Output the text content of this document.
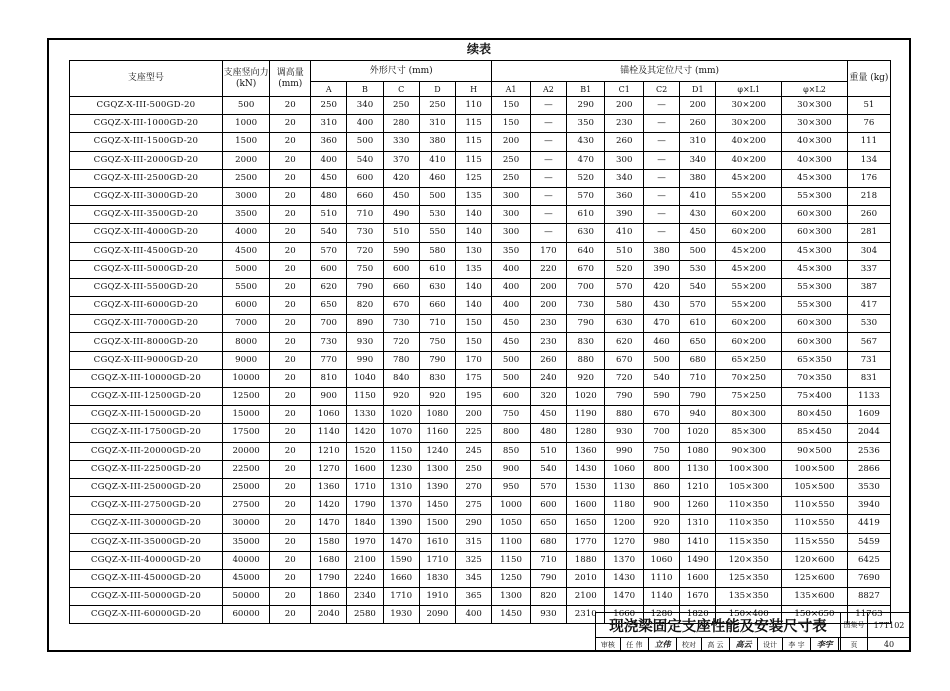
续表
支座型号	支座竖向力 (kN)	调高量 (mm)	外形尺寸 (mm)					锚栓及其定位尺寸 (mm)								重量 (kg)
			A	B	C	D	H	A1	A2	B1	C1	C2	D1	φ×L1	φ×L2	
CGQZ-X-III-500GD-20	500	20	250	340	250	250	110	150	—	290	200	—	200	30×200	30×300	51
CGQZ-X-III-1000GD-20	1000	20	310	400	280	310	115	150	—	350	230	—	260	30×200	30×300	76
CGQZ-X-III-1500GD-20	1500	20	360	500	330	380	115	200	—	430	260	—	310	40×200	40×300	111
CGQZ-X-III-2000GD-20	2000	20	400	540	370	410	115	250	—	470	300	—	340	40×200	40×300	134
CGQZ-X-III-2500GD-20	2500	20	450	600	420	460	125	250	—	520	340	—	380	45×200	45×300	176
CGQZ-X-III-3000GD-20	3000	20	480	660	450	500	135	300	—	570	360	—	410	55×200	55×300	218
CGQZ-X-III-3500GD-20	3500	20	510	710	490	530	140	300	—	610	390	—	430	60×200	60×300	260
CGQZ-X-III-4000GD-20	4000	20	540	730	510	550	140	300	—	630	410	—	450	60×200	60×300	281
CGQZ-X-III-4500GD-20	4500	20	570	720	590	580	130	350	170	640	510	380	500	45×200	45×300	304
CGQZ-X-III-5000GD-20	5000	20	600	750	600	610	135	400	220	670	520	390	530	45×200	45×300	337
CGQZ-X-III-5500GD-20	5500	20	620	790	660	630	140	400	200	700	570	420	540	55×200	55×300	387
CGQZ-X-III-6000GD-20	6000	20	650	820	670	660	140	400	200	730	580	430	570	55×200	55×300	417
CGQZ-X-III-7000GD-20	7000	20	700	890	730	710	150	450	230	790	630	470	610	60×200	60×300	530
CGQZ-X-III-8000GD-20	8000	20	730	930	720	750	150	450	230	830	620	460	650	60×200	60×300	567
CGQZ-X-III-9000GD-20	9000	20	770	990	780	790	170	500	260	880	670	500	680	65×250	65×350	731
CGQZ-X-III-10000GD-20	10000	20	810	1040	840	830	175	500	240	920	720	540	710	70×250	70×350	831
CGQZ-X-III-12500GD-20	12500	20	900	1150	920	920	195	600	320	1020	790	590	790	75×250	75×400	1133
CGQZ-X-III-15000GD-20	15000	20	1060	1330	1020	1080	200	750	450	1190	880	670	940	80×300	80×450	1609
CGQZ-X-III-17500GD-20	17500	20	1140	1420	1070	1160	225	800	480	1280	930	700	1020	85×300	85×450	2044
CGQZ-X-III-20000GD-20	20000	20	1210	1520	1150	1240	245	850	510	1360	990	750	1080	90×300	90×500	2536
CGQZ-X-III-22500GD-20	22500	20	1270	1600	1230	1300	250	900	540	1430	1060	800	1130	100×300	100×500	2866
CGQZ-X-III-25000GD-20	25000	20	1360	1710	1310	1390	270	950	570	1530	1130	860	1210	105×300	105×500	3530
CGQZ-X-III-27500GD-20	27500	20	1420	1790	1370	1450	275	1000	600	1600	1180	900	1260	110×350	110×550	3940
CGQZ-X-III-30000GD-20	30000	20	1470	1840	1390	1500	290	1050	650	1650	1200	920	1310	110×350	110×550	4419
CGQZ-X-III-35000GD-20	35000	20	1580	1970	1470	1610	315	1100	680	1770	1270	980	1410	115×350	115×550	5459
CGQZ-X-III-40000GD-20	40000	20	1680	2100	1590	1710	325	1150	710	1880	1370	1060	1490	120×350	120×600	6425
CGQZ-X-III-45000GD-20	45000	20	1790	2240	1660	1830	345	1250	790	2010	1430	1110	1600	125×350	125×600	7690
CGQZ-X-III-50000GD-20	50000	20	1860	2340	1710	1910	365	1300	820	2100	1470	1140	1670	135×350	135×600	8827
CGQZ-X-III-60000GD-20	60000	20	2040	2580	1930	2090	400	1450	930	2310	1660	1280	1820	150×400	150×650	11763
现浇梁固定支座性能及安装尺寸表										图集号	17T102
审核	任 伟	立伟	校对	高 云	高云	设计	李 宇	李宇		页	40
